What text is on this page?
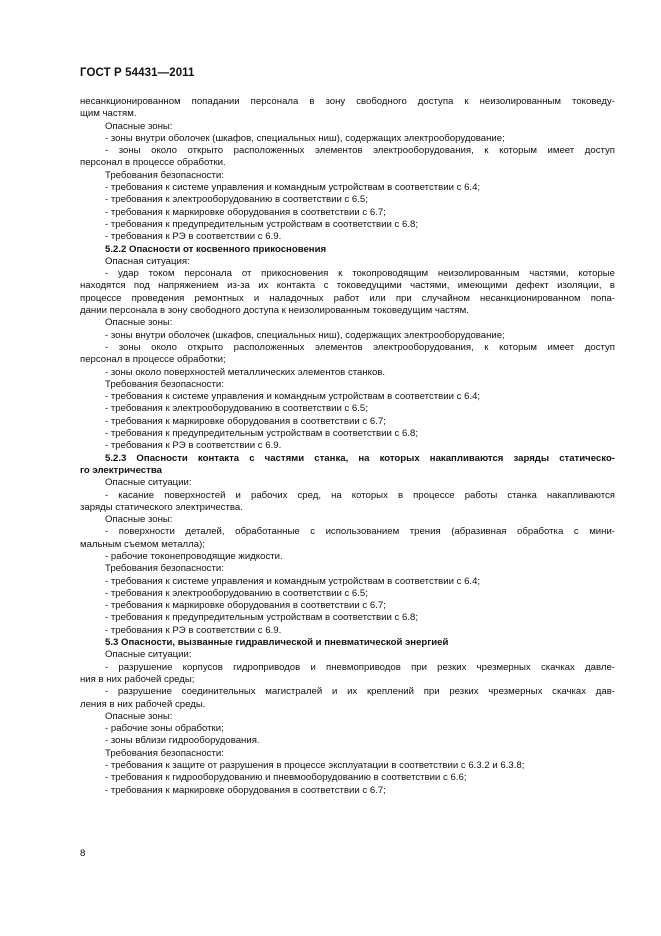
ГОСТ Р 54431—2011
несанкционированном попадании персонала в зону свободного доступа к неизолированным токоведу-
щим частям.
Опасные зоны:
- зоны внутри оболочек (шкафов, специальных ниш), содержащих электрооборудование;
- зоны около открыто расположенных элементов электрооборудования, к которым имеет доступ
персонал в процессе обработки.
Требования безопасности:
- требования к системе управления и командным устройствам в соответствии с 6.4;
- требования к электрооборудованию в соответствии с 6.5;
- требования к маркировке оборудования в соответствии с 6.7;
- требования к предупредительным устройствам в соответствии с 6.8;
- требования к РЭ в соответствии с 6.9.
5.2.2 Опасности от косвенного прикосновения
Опасная ситуация:
- удар током персонала от прикосновения к токопроводящим неизолированным частями, которые
находятся под напряжением из-за их контакта с токоведущими частями, имеющими дефект изоляции, в
процессе проведения ремонтных и наладочных работ или при случайном несанкционированном попа-
дании персонала в зону свободного доступа к неизолированным токоведущим частям.
Опасные зоны:
- зоны внутри оболочек (шкафов, специальных ниш), содержащих электрооборудование;
- зоны около открыто расположенных элементов электрооборудования, к которым имеет доступ
персонал в процессе обработки;
- зоны около поверхностей металлических элементов станков.
Требования безопасности:
- требования к системе управления и командным устройствам в соответствии с 6.4;
- требования к электрооборудованию в соответствии с 6.5;
- требования к маркировке оборудования в соответствии с 6.7;
- требования к предупредительным устройствам в соответствии с 6.8;
- требования к РЭ в соответствии с 6.9.
5.2.3 Опасности контакта с частями станка, на которых накапливаются заряды статическо-
го электричества
Опасные ситуации:
- касание поверхностей и рабочих сред, на которых в процессе работы станка накапливаются
заряды статического электричества.
Опасные зоны:
- поверхности деталей, обработанные с использованием трения (абразивная обработка с мини-
мальным съемом металла);
- рабочие токонепроводящие жидкости.
Требования безопасности:
- требования к системе управления и командным устройствам в соответствии с 6.4;
- требования к электрооборудованию в соответствии с 6.5;
- требования к маркировке оборудования в соответствии с 6.7;
- требования к предупредительным устройствам в соответствии с 6.8;
- требования к РЭ в соответствии с 6.9.
5.3 Опасности, вызванные гидравлической и пневматической энергией
Опасные ситуации:
- разрушение корпусов гидроприводов и пневмоприводов при резких чрезмерных скачках давле-
ния в них рабочей среды;
- разрушение соединительных магистралей и их креплений при резких чрезмерных скачках дав-
ления в них рабочей среды.
Опасные зоны:
- рабочие зоны обработки;
- зоны вблизи гидрооборудования.
Требования безопасности:
- требования к защите от разрушения в процессе эксплуатации в соответствии с 6.3.2 и 6.3.8;
- требования к гидрооборудованию и пневмооборудованию в соответствии с 6.6;
- требования к маркировке оборудования в соответствии с 6.7;
8
